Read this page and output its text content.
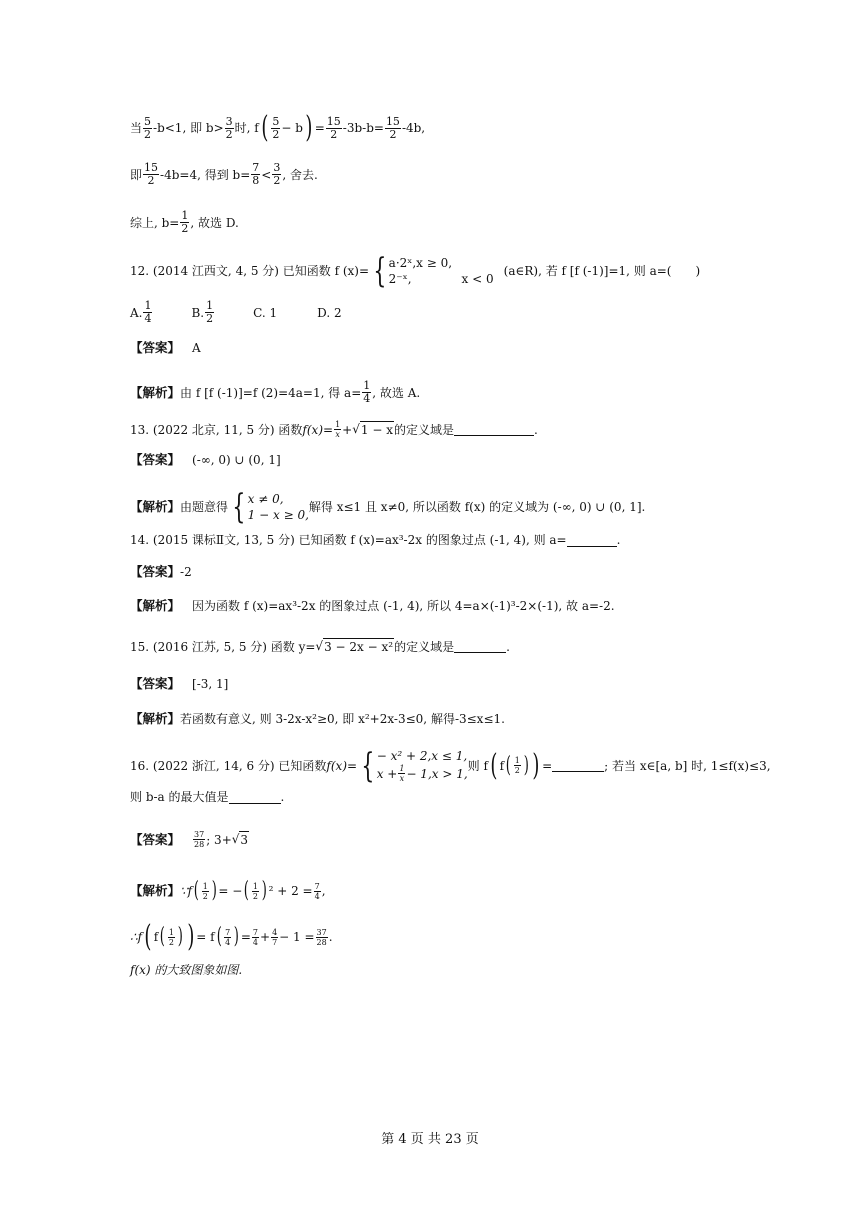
当 $\frac{5}{2} -b<1$, 即 $b> \frac{3}{2}$ 时, f ( $\frac{5}{2} - b$ ) = $\frac{15}{2} -3b-b= \frac{15}{2} -4b$,
即 $\frac{15}{2} -4b=4$, 得到 $b= \frac{7}{8} < \frac{3}{2}$ , 舍去.
综上, $b= \frac{1}{2}$ , 故选 D.
12. (2014 江西文, 4, 5 分) 已知函数 f (x)= { a·2ˣ,x ≥ 0,
2⁻ˣ,	x < 0
(a∈R), 若 f [f (-1)]=1, 则 a=(　　)
A. $\frac{1}{4}$	B. $\frac{1}{2}$	C. 1	D. 2
【答案】 A
【解析】 由 f [f (-1)]=f (2)=4a=1, 得 $a= \frac{1}{4}$ , 故选 A.
13. (2022 北京, 11, 5 分) 函数 $f(x)= \frac{1}{x}$ + √ 1 − x 的定义域是	.
【答案】 (-∞, 0) ∪ (0, 1]
【解析】 由题意得 { x ≠ 0,
1 − x ≥ 0,
解得 x≤1 且 x≠0, 所以函数 f(x) 的定义域为 (-∞, 0) ∪ (0, 1].
14. (2015 课标Ⅱ文, 13, 5 分) 已知函数 f (x)=ax³-2x 的图象过点 (-1, 4), 则 a=	.
【答案】 -2
【解析】 因为函数 f (x)=ax³-2x 的图象过点 (-1, 4), 所以 4=a×(-1)³-2×(-1), 故 a=-2.
15. (2016 江苏, 5, 5 分) 函数 y= √ 3 − 2x − x² 的定义域是	.
【答案】 [-3, 1]
【解析】 若函数有意义, 则 3-2x-x²≥0, 即 x²+2x-3≤0, 解得-3≤x≤1.
16. (2022 浙江, 14, 6 分) 已知函数 f(x)= { − x² + 2,x ≤ 1,
$x + \frac{1}{x} - 1,x > 1$,
则 f ( f ( $\frac{1}{2}$ ) ) =	; 若当 x∈[a, b] 时, 1≤f(x)≤3,
则 b-a 的最大值是	.
【答案】 $\frac{37}{28}$ ; 3+ √ 3
【解析】 ∵f ( $\frac{1}{2}$ ) = − ( $\frac{1}{2}$ ) $^2 + 2 = \frac{7}{4}$ ,
∴f ( f ( $\frac{1}{2}$ ) ) = f ( $\frac{7}{4}$ ) = $\frac{7}{4} + \frac{4}{7} - 1 = \frac{37}{28}$ .
f(x) 的大致图象如图.
第 4 页 共 23 页
